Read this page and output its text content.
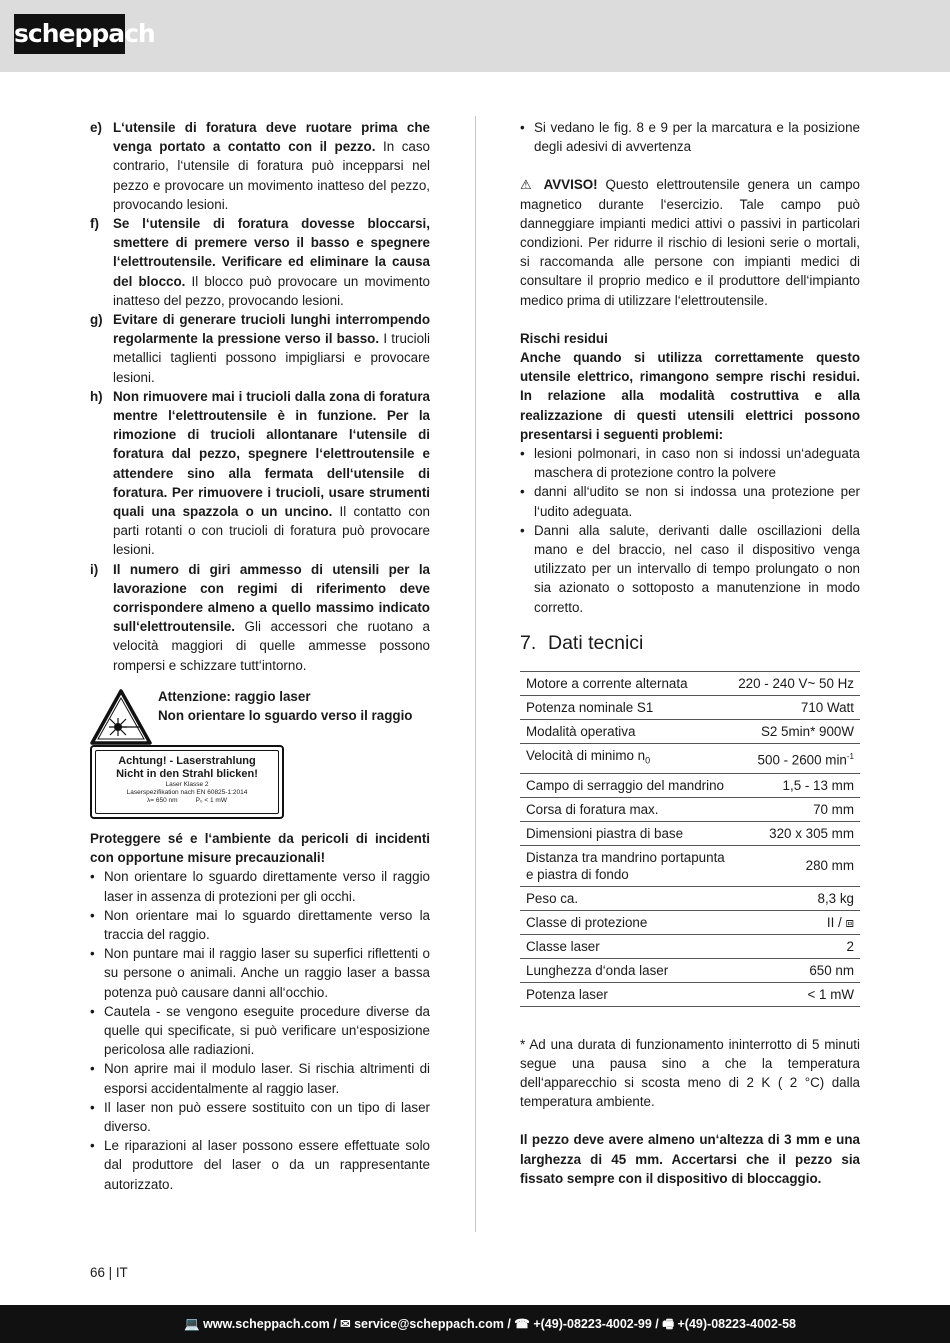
scheppach
e) L‘utensile di foratura deve ruotare prima che venga portato a contatto con il pezzo. In caso contrario, l‘utensile di foratura può incepparsi nel pezzo e provocare un movimento inatteso del pezzo, provocando lesioni.
f)	Se l‘utensile di foratura dovesse bloccarsi, smettere di premere verso il basso e spegnere l‘elettroutensile. Verificare ed eliminare la causa del blocco. Il blocco può provocare un movimento inatteso del pezzo, provocando lesioni.
g) Evitare di generare trucioli lunghi interrompendo regolarmente la pressione verso il basso. I trucioli metallici taglienti possono impigliarsi e provocare lesioni.
h) Non rimuovere mai i trucioli dalla zona di foratura mentre l‘elettroutensile è in funzione. Per la rimozione di trucioli allontanare l‘utensile di foratura dal pezzo, spegnere l‘elettroutensile e attendere sino alla fermata dell‘utensile di foratura. Per rimuovere i trucioli, usare strumenti quali una spazzola o un uncino. Il contatto con parti rotanti o con trucioli di foratura può provocare lesioni.
i)	Il numero di giri ammesso di utensili per la lavorazione con regimi di riferimento deve corrispondere almeno a quello massimo indicato sull‘elettroutensile. Gli accessori che ruotano a velocità maggiori di quelle ammesse possono rompersi e schizzare tutt‘intorno.
Attenzione: raggio laser
Non orientare lo sguardo verso il raggio
Achtung! - Laserstrahlung
Nicht in den Strahl blicken!
Laser Klasse 2
Laserspezifikation nach EN 60825-1:2014
λ= 650 nm	P₀ < 1 mW
Proteggere sé e l‘ambiente da pericoli di incidenti con opportune misure precauzionali!
• Non orientare lo sguardo direttamente verso il raggio laser in assenza di protezioni per gli occhi.
• Non orientare mai lo sguardo direttamente verso la traccia del raggio.
• Non puntare mai il raggio laser su superfici riflettenti o su persone o animali. Anche un raggio laser a bassa potenza può causare danni all‘occhio.
• Cautela - se vengono eseguite procedure diverse da quelle qui specificate, si può verificare un‘esposizione pericolosa alle radiazioni.
• Non aprire mai il modulo laser. Si rischia altrimenti di esporsi accidentalmente al raggio laser.
• Il laser non può essere sostituito con un tipo di laser diverso.
• Le riparazioni al laser possono essere effettuate solo dal produttore del laser o da un rappresentante autorizzato.
• Si vedano le fig. 8 e 9 per la marcatura e la posizione degli adesivi di avvertenza
⚠ AVVISO! Questo elettroutensile genera un campo magnetico durante l‘esercizio. Tale campo può danneggiare impianti medici attivi o passivi in particolari condizioni. Per ridurre il rischio di lesioni serie o mortali, si raccomanda alle persone con impianti medici di consultare il proprio medico e il produttore dell‘impianto medico prima di utilizzare l‘elettroutensile.
Rischi residui
Anche quando si utilizza correttamente questo utensile elettrico, rimangono sempre rischi residui. In relazione alla modalità costruttiva e alla realizzazione di questi utensili elettrici possono presentarsi i seguenti problemi:
• lesioni polmonari, in caso non si indossi un‘adeguata maschera di protezione contro la polvere
• danni all‘udito se non si indossa una protezione per l‘udito adeguata.
• Danni alla salute, derivanti dalle oscillazioni della mano e del braccio, nel caso il dispositivo venga utilizzato per un intervallo di tempo prolungato o non sia azionato o sottoposto a manutenzione in modo corretto.
7. Dati tecnici
Motore a corrente alternata	220 - 240 V~ 50 Hz
Potenza nominale S1	710 Watt
Modalità operativa	S2 5min* 900W
Velocità di minimo $n_0$	500 - 2600 $\min^{-1}$
Campo di serraggio del mandrino	1,5 - 13 mm
Corsa di foratura max.	70 mm
Dimensioni piastra di base	320 x 305 mm
Distanza tra mandrino portapunta e piastra di fondo	280 mm
Peso ca.	8,3 kg
Classe di protezione	II / ⧈
Classe laser	2
Lunghezza d‘onda laser	650 nm
Potenza laser	< 1 mW
* Ad una durata di funzionamento ininterrotto di 5 minuti segue una pausa sino a che la temperatura dell‘apparecchio si scosta meno di 2 K ( 2 °C) dalla temperatura ambiente.
Il pezzo deve avere almeno un‘altezza di 3 mm e una larghezza di 45 mm. Accertarsi che il pezzo sia fissato sempre con il dispositivo di bloccaggio.
66 | IT
💻 www.scheppach.com / ✉ service@scheppach.com / ☎ +(49)-08223-4002-99 / 🖷 +(49)-08223-4002-58
